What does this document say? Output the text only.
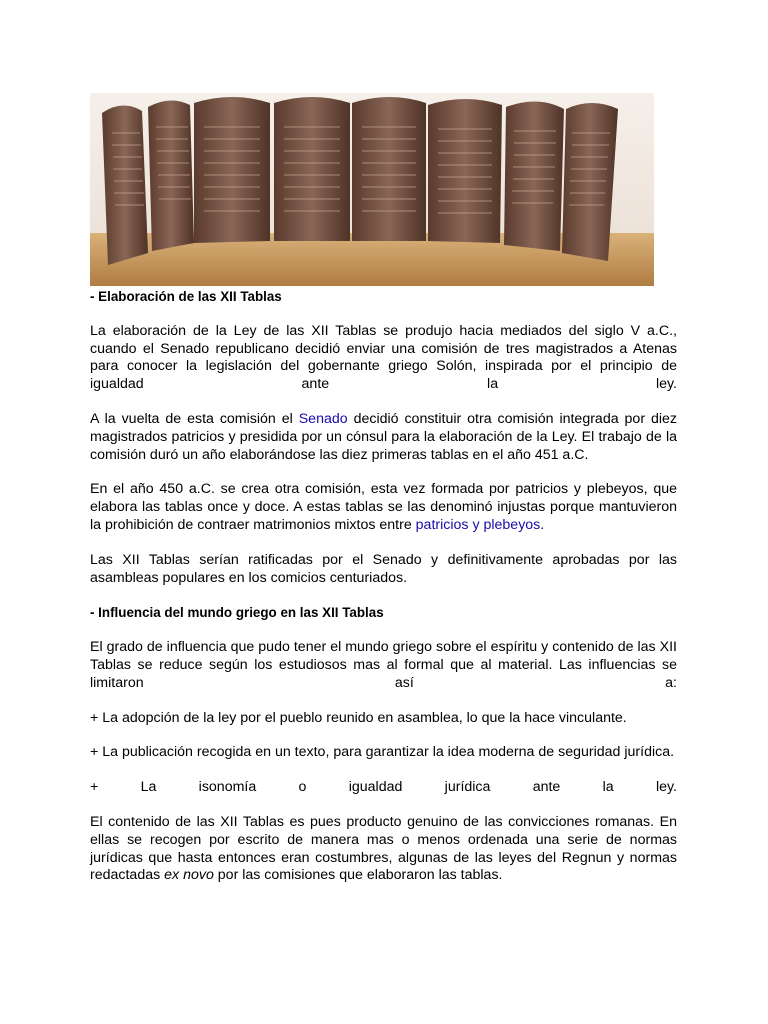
- Elaboración de las XII Tablas

La elaboración de la Ley de las XII Tablas se produjo hacia mediados del siglo V a.C., cuando el Senado republicano decidió enviar una comisión de tres magistrados a Atenas para conocer la legislación del gobernante griego Solón, inspirada por el principio de igualdad ante la ley.

A la vuelta de esta comisión el Senado decidió constituir otra comisión integrada por diez magistrados patricios y presidida por un cónsul para la elaboración de la Ley. El trabajo de la comisión duró un año elaborándose las diez primeras tablas en el año 451 a.C.

En el año 450 a.C. se crea otra comisión, esta vez formada por patricios y plebeyos, que elabora las tablas once y doce. A estas tablas se las denominó injustas porque mantuvieron la prohibición de contraer matrimonios mixtos entre patricios y plebeyos.

Las XII Tablas serían ratificadas por el Senado y definitivamente aprobadas por las asambleas populares en los comicios centuriados.

- Influencia del mundo griego en las XII Tablas

El grado de influencia que pudo tener el mundo griego sobre el espíritu y contenido de las XII Tablas se reduce según los estudiosos mas al formal que al material. Las influencias se limitaron así a:

+ La adopción de la ley por el pueblo reunido en asamblea, lo que la hace vinculante.

+ La publicación recogida en un texto, para garantizar la idea moderna de seguridad jurídica.

+ La isonomía o igualdad jurídica ante la ley.

El contenido de las XII Tablas es pues producto genuino de las convicciones romanas. En ellas se recogen por escrito de manera mas o menos ordenada una serie de normas jurídicas que hasta entonces eran costumbres, algunas de las leyes del Regnun y normas redactadas ex novo por las comisiones que elaboraron las tablas.
